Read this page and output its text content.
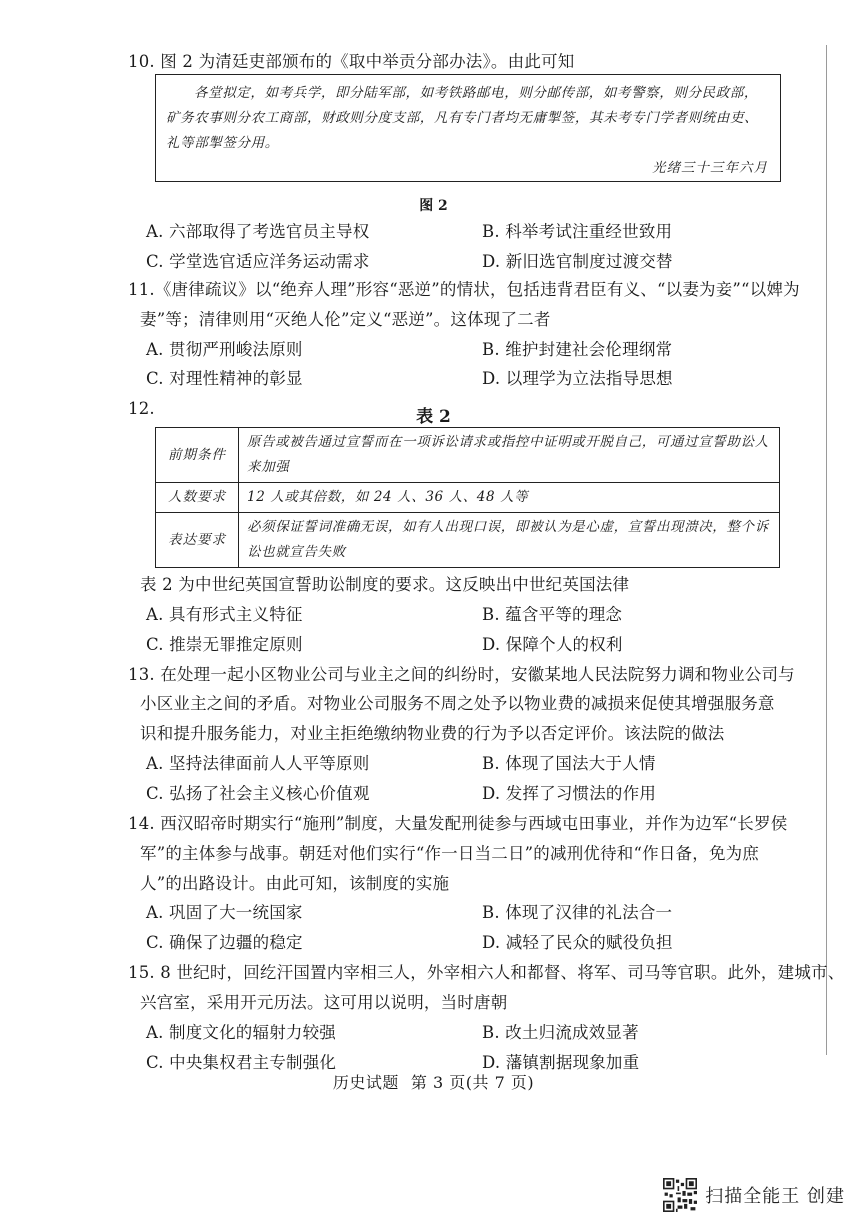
10. 图 2 为清廷吏部颁布的《取中举贡分部办法》。由此可知
各堂拟定，如考兵学，即分陆军部，如考铁路邮电，则分邮传部，如考警察，则分民政部，矿务农事则分农工商部，财政则分度支部，凡有专门者均无庸掣签，其未考专门学者则统由吏、礼等部掣签分用。
光绪三十三年六月
图 2
A. 六部取得了考选官员主导权	B. 科举考试注重经世致用
C. 学堂选官适应洋务运动需求	D. 新旧选官制度过渡交替
11.《唐律疏议》以“绝弃人理”形容“恶逆”的情状，包括违背君臣有义、“以妻为妾”“以婢为
妻”等；清律则用“灭绝人伦”定义“恶逆”。这体现了二者
A. 贯彻严刑峻法原则	B. 维护封建社会伦理纲常
C. 对理性精神的彰显	D. 以理学为立法指导思想
12.	表 2
前期条件	原告或被告通过宣誓而在一项诉讼请求或指控中证明或开脱自己，可通过宣誓助讼人来加强
人数要求	12 人或其倍数，如 24 人、36 人、48 人等
表达要求	必须保证誓词准确无误，如有人出现口误，即被认为是心虚，宣誓出现溃决，整个诉讼也就宣告失败
表 2 为中世纪英国宣誓助讼制度的要求。这反映出中世纪英国法律
A. 具有形式主义特征	B. 蕴含平等的理念
C. 推崇无罪推定原则	D. 保障个人的权利
13. 在处理一起小区物业公司与业主之间的纠纷时，安徽某地人民法院努力调和物业公司与
小区业主之间的矛盾。对物业公司服务不周之处予以物业费的减损来促使其增强服务意
识和提升服务能力，对业主拒绝缴纳物业费的行为予以否定评价。该法院的做法
A. 坚持法律面前人人平等原则	B. 体现了国法大于人情
C. 弘扬了社会主义核心价值观	D. 发挥了习惯法的作用
14. 西汉昭帝时期实行“施刑”制度，大量发配刑徒参与西域屯田事业，并作为边军“长罗侯
军”的主体参与战事。朝廷对他们实行“作一日当二日”的减刑优待和“作日备，免为庶
人”的出路设计。由此可知，该制度的实施
A. 巩固了大一统国家	B. 体现了汉律的礼法合一
C. 确保了边疆的稳定	D. 减轻了民众的赋役负担
15. 8 世纪时，回纥汗国置内宰相三人，外宰相六人和都督、将军、司马等官职。此外，建城市、
兴宫室，采用开元历法。这可用以说明，当时唐朝
A. 制度文化的辐射力较强	B. 改土归流成效显著
C. 中央集权君主专制强化	D. 藩镇割据现象加重
历史试题 第 3 页(共 7 页)
扫描全能王 创建
